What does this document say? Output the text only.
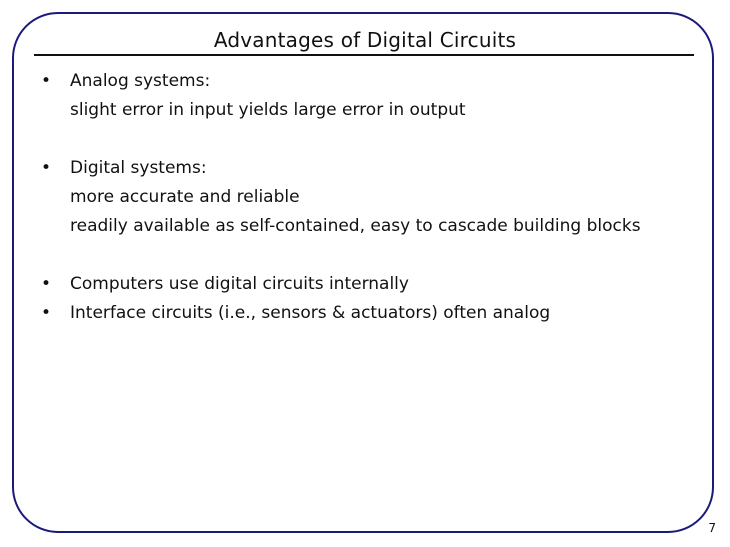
Advantages of Digital Circuits
• Analog systems:
slight error in input yields large error in output
• Digital systems:
more accurate and reliable
readily available as self-contained, easy to cascade building blocks
• Computers use digital circuits internally
• Interface circuits (i.e., sensors & actuators) often analog
7
